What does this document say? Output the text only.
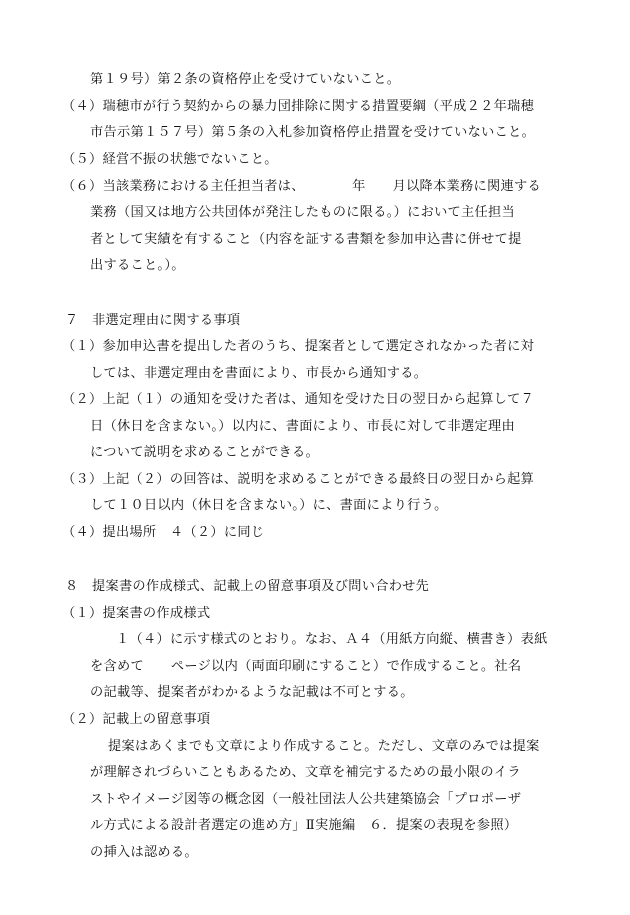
第１９号）第２条の資格停止を受けていないこと。
（４）瑞穂市が行う契約からの暴力団排除に関する措置要綱（平成２２年瑞穂
市告示第１５７号）第５条の入札参加資格停止措置を受けていないこと。
（５）経営不振の状態でないこと。
（６）当該業務における主任担当者は、　　　　年　　月以降本業務に関連する
業務（国又は地方公共団体が発注したものに限る。）において主任担当
者として実績を有すること（内容を証する書類を参加申込書に併せて提
出すること。）。
７　非選定理由に関する事項
（１）参加申込書を提出した者のうち、提案者として選定されなかった者に対
しては、非選定理由を書面により、市長から通知する。
（２）上記（１）の通知を受けた者は、通知を受けた日の翌日から起算して７
日（休日を含まない。）以内に、書面により、市長に対して非選定理由
について説明を求めることができる。
（３）上記（２）の回答は、説明を求めることができる最終日の翌日から起算
して１０日以内（休日を含まない。）に、書面により行う。
（４）提出場所　４（２）に同じ
８　提案書の作成様式、記載上の留意事項及び問い合わせ先
（１）提案書の作成様式
１（４）に示す様式のとおり。なお、Ａ４（用紙方向縦、横書き）表紙
を含めて　　ページ以内（両面印刷にすること）で作成すること。社名
の記載等、提案者がわかるような記載は不可とする。
（２）記載上の留意事項
提案はあくまでも文章により作成すること。ただし、文章のみでは提案
が理解されづらいこともあるため、文章を補完するための最小限のイラ
ストやイメージ図等の概念図（一般社団法人公共建築協会「プロポーザ
ル方式による設計者選定の進め方」Ⅱ実施編　６．提案の表現を参照）
の挿入は認める。
